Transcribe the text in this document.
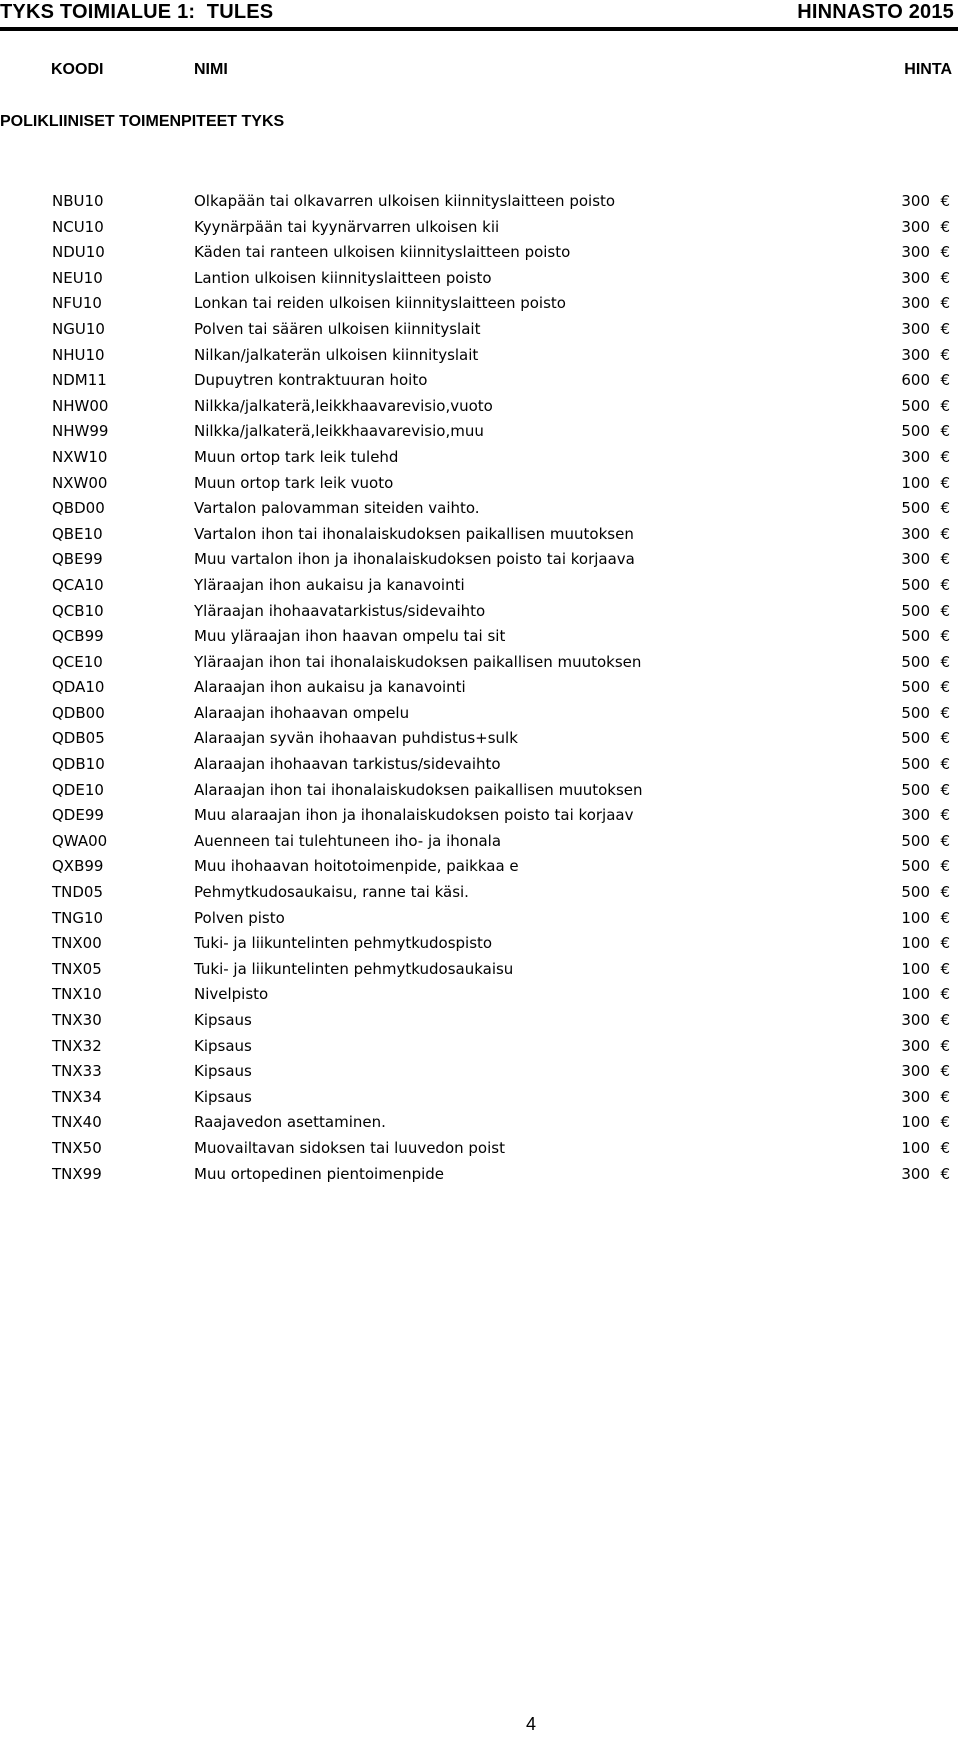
TYKS TOIMIALUE 1:  TULES	HINNASTO 2015
KOODI	NIMI	HINTA
POLIKLIINISET TOIMENPITEET TYKS
NBU10	Olkapään tai olkavarren ulkoisen kiinnityslaitteen poisto	300 €
NCU10	Kyynärpään tai kyynärvarren ulkoisen kii	300 €
NDU10	Käden tai ranteen ulkoisen kiinnityslaitteen poisto	300 €
NEU10	Lantion ulkoisen kiinnityslaitteen poisto	300 €
NFU10	Lonkan tai reiden ulkoisen kiinnityslaitteen poisto	300 €
NGU10	Polven tai säären ulkoisen kiinnityslait	300 €
NHU10	Nilkan/jalkaterän ulkoisen kiinnityslait	300 €
NDM11	Dupuytren kontraktuuran hoito	600 €
NHW00	Nilkka/jalkaterä,leikkhaavarevisio,vuoto	500 €
NHW99	Nilkka/jalkaterä,leikkhaavarevisio,muu	500 €
NXW10	Muun ortop tark leik tulehd	300 €
NXW00	Muun ortop tark leik vuoto	100 €
QBD00	Vartalon palovamman siteiden vaihto.	500 €
QBE10	Vartalon ihon tai ihonalaiskudoksen paikallisen muutoksen	300 €
QBE99	Muu vartalon ihon ja ihonalaiskudoksen poisto tai korjaava	300 €
QCA10	Yläraajan ihon aukaisu ja kanavointi	500 €
QCB10	Yläraajan ihohaavatarkistus/sidevaihto	500 €
QCB99	Muu yläraajan ihon haavan ompelu tai sit	500 €
QCE10	Yläraajan ihon tai ihonalaiskudoksen paikallisen muutoksen	500 €
QDA10	Alaraajan ihon aukaisu ja kanavointi	500 €
QDB00	Alaraajan ihohaavan ompelu	500 €
QDB05	Alaraajan syvän ihohaavan puhdistus+sulk	500 €
QDB10	Alaraajan ihohaavan tarkistus/sidevaihto	500 €
QDE10	Alaraajan ihon tai ihonalaiskudoksen paikallisen muutoksen	500 €
QDE99	Muu alaraajan ihon ja ihonalaiskudoksen poisto tai korjaav	300 €
QWA00	Auenneen tai tulehtuneen iho- ja ihonala	500 €
QXB99	Muu ihohaavan hoitotoimenpide, paikkaa e	500 €
TND05	Pehmytkudosaukaisu, ranne tai käsi.	500 €
TNG10	Polven pisto	100 €
TNX00	Tuki- ja liikuntelinten pehmytkudospisto	100 €
TNX05	Tuki- ja liikuntelinten pehmytkudosaukaisu	100 €
TNX10	Nivelpisto	100 €
TNX30	Kipsaus	300 €
TNX32	Kipsaus	300 €
TNX33	Kipsaus	300 €
TNX34	Kipsaus	300 €
TNX40	Raajavedon asettaminen.	100 €
TNX50	Muovailtavan sidoksen tai luuvedon poist	100 €
TNX99	Muu ortopedinen pientoimenpide	300 €
4
